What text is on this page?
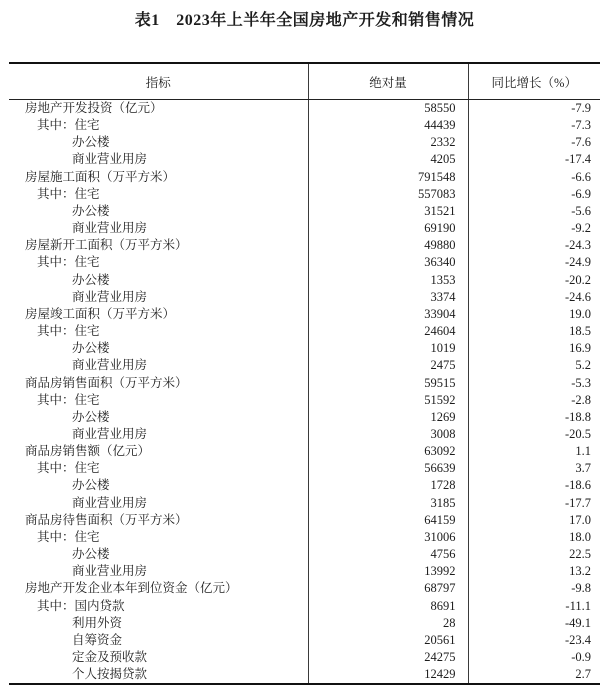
表1　2023年上半年全国房地产开发和销售情况
指标	绝对量	同比增长（%）
房地产开发投资（亿元）	58550	-7.9
其中：住宅	44439	-7.3
办公楼	2332	-7.6
商业营业用房	4205	-17.4
房屋施工面积（万平方米）	791548	-6.6
其中：住宅	557083	-6.9
办公楼	31521	-5.6
商业营业用房	69190	-9.2
房屋新开工面积（万平方米）	49880	-24.3
其中：住宅	36340	-24.9
办公楼	1353	-20.2
商业营业用房	3374	-24.6
房屋竣工面积（万平方米）	33904	19.0
其中：住宅	24604	18.5
办公楼	1019	16.9
商业营业用房	2475	5.2
商品房销售面积（万平方米）	59515	-5.3
其中：住宅	51592	-2.8
办公楼	1269	-18.8
商业营业用房	3008	-20.5
商品房销售额（亿元）	63092	1.1
其中：住宅	56639	3.7
办公楼	1728	-18.6
商业营业用房	3185	-17.7
商品房待售面积（万平方米）	64159	17.0
其中：住宅	31006	18.0
办公楼	4756	22.5
商业营业用房	13992	13.2
房地产开发企业本年到位资金（亿元）	68797	-9.8
其中：国内贷款	8691	-11.1
利用外资	28	-49.1
自筹资金	20561	-23.4
定金及预收款	24275	-0.9
个人按揭贷款	12429	2.7
